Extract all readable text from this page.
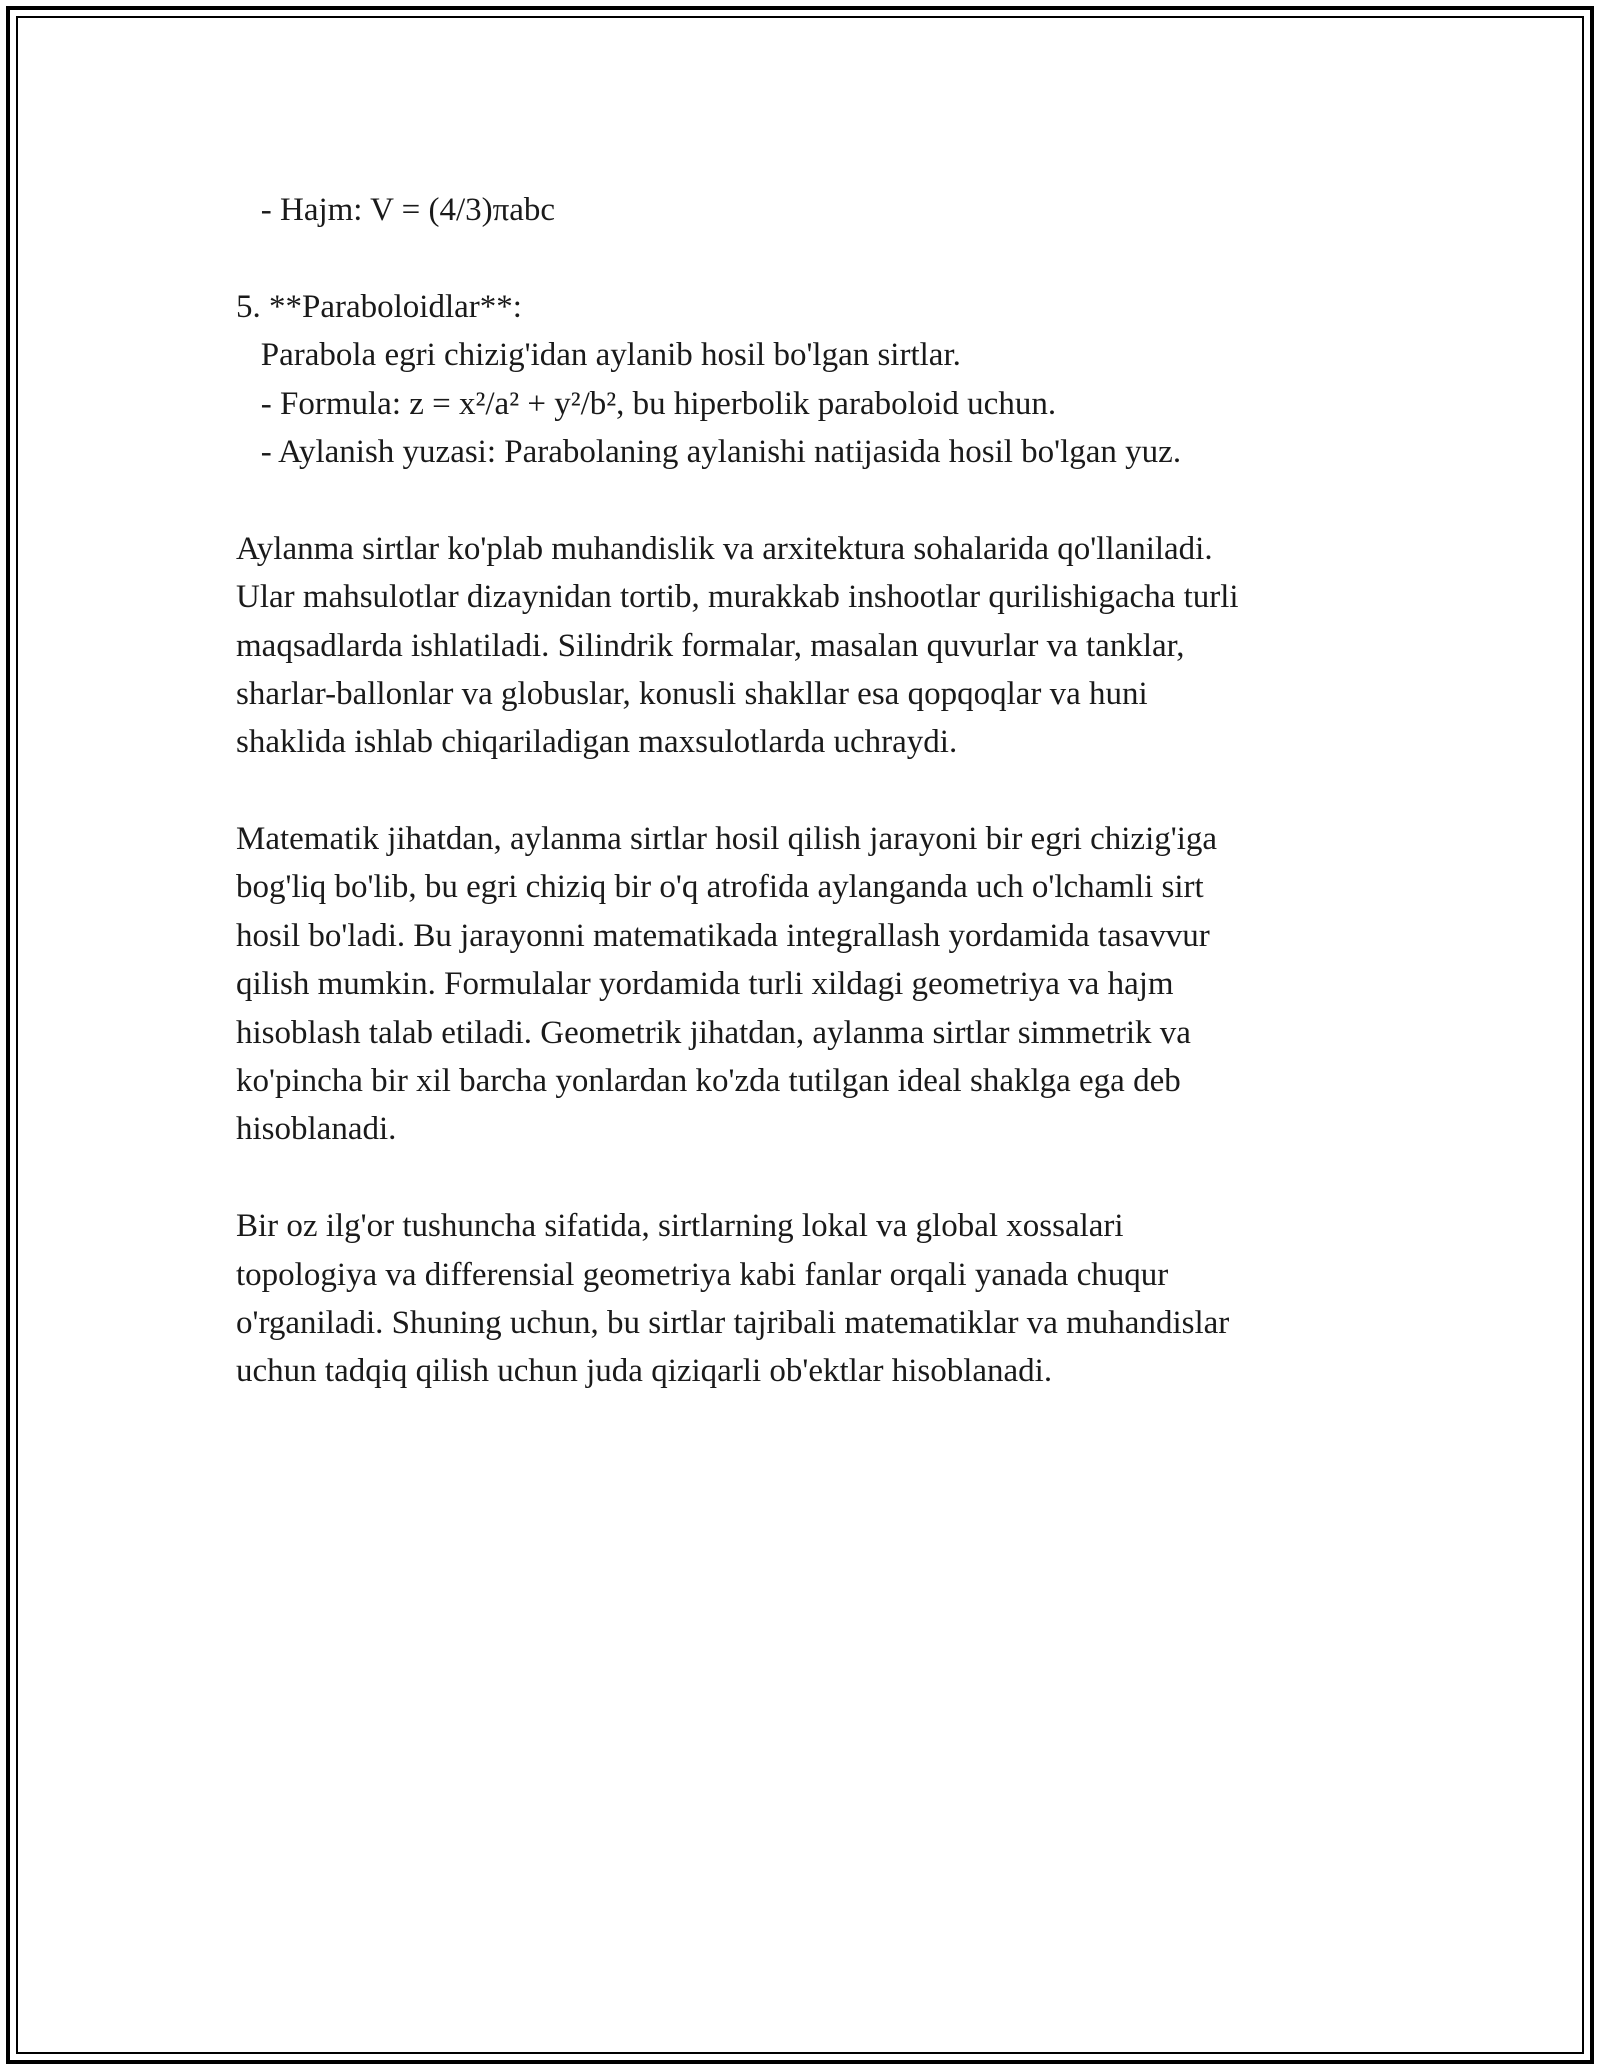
- Hajm: V = (4/3)πabc
5. **Paraboloidlar**:
Parabola egri chizig'idan aylanib hosil bo'lgan sirtlar.
- Formula: z = x²/a² + y²/b², bu hiperbolik paraboloid uchun.
- Aylanish yuzasi: Parabolaning aylanishi natijasida hosil bo'lgan yuz.
Aylanma sirtlar ko'plab muhandislik va arxitektura sohalarida qo'llaniladi.
Ular mahsulotlar dizaynidan tortib, murakkab inshootlar qurilishigacha turli
maqsadlarda ishlatiladi. Silindrik formalar, masalan quvurlar va tanklar,
sharlar-ballonlar va globuslar, konusli shakllar esa qopqoqlar va huni
shaklida ishlab chiqariladigan maxsulotlarda uchraydi.
Matematik jihatdan, aylanma sirtlar hosil qilish jarayoni bir egri chizig'iga
bog'liq bo'lib, bu egri chiziq bir o'q atrofida aylanganda uch o'lchamli sirt
hosil bo'ladi. Bu jarayonni matematikada integrallash yordamida tasavvur
qilish mumkin. Formulalar yordamida turli xildagi geometriya va hajm
hisoblash talab etiladi. Geometrik jihatdan, aylanma sirtlar simmetrik va
ko'pincha bir xil barcha yonlardan ko'zda tutilgan ideal shaklga ega deb
hisoblanadi.
Bir oz ilg'or tushuncha sifatida, sirtlarning lokal va global xossalari
topologiya va differensial geometriya kabi fanlar orqali yanada chuqur
o'rganiladi. Shuning uchun, bu sirtlar tajribali matematiklar va muhandislar
uchun tadqiq qilish uchun juda qiziqarli ob'ektlar hisoblanadi.
